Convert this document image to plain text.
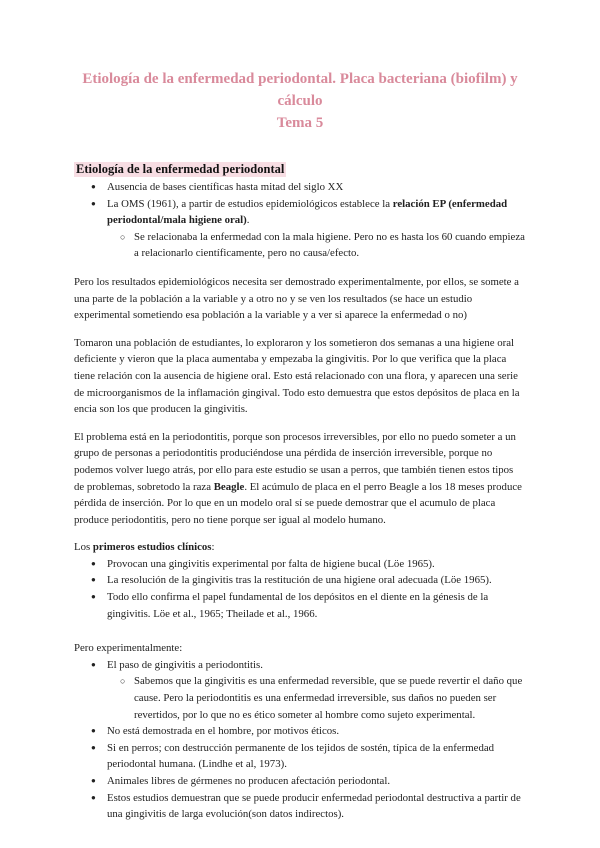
Etiología de la enfermedad periodontal. Placa bacteriana (biofilm) y cálculo
Tema 5
Etiología de la enfermedad periodontal
● Ausencia de bases científicas hasta mitad del siglo XX
● La OMS (1961), a partir de estudios epidemiológicos establece la relación EP (enfermedad periodontal/mala higiene oral).
○ Se relacionaba la enfermedad con la mala higiene. Pero no es hasta los 60 cuando empieza a relacionarlo científicamente, pero no causa/efecto.

Pero los resultados epidemiológicos necesita ser demostrado experimentalmente, por ellos, se somete a una parte de la población a la variable y a otro no y se ven los resultados (se hace un estudio experimental sometiendo esa población a la variable y a ver si aparece la enfermedad o no)

Tomaron una población de estudiantes, lo exploraron y los sometieron dos semanas a una higiene oral deficiente y vieron que la placa aumentaba y empezaba la gingivitis. Por lo que verifica que la placa tiene relación con la ausencia de higiene oral. Esto está relacionado con una flora, y aparecen una serie de microorganismos de la inflamación gingival. Todo esto demuestra que estos depósitos de placa en la encia son los que producen la gingivitis.

El problema está en la periodontitis, porque son procesos irreversibles, por ello no puedo someter a un grupo de personas a periodontitis produciéndose una pérdida de inserción irreversible, porque no podemos volver luego atrás, por ello para este estudio se usan a perros, que también tienen estos tipos de problemas, sobretodo la raza Beagle. El acúmulo de placa en el perro Beagle a los 18 meses produce pérdida de inserción. Por lo que en un modelo oral sí se puede demostrar que el acumulo de placa produce periodontitis, pero no tiene porque ser igual al modelo humano.

Los primeros estudios clínicos:

● Provocan una gingivitis experimental por falta de higiene bucal (Löe 1965).
● La resolución de la gingivitis tras la restitución de una higiene oral adecuada (Löe 1965).
● Todo ello confirma el papel fundamental de los depósitos en el diente en la génesis de la gingivitis. Löe et al., 1965; Theilade et al., 1966.

Pero experimentalmente:

● El paso de gingivitis a periodontitis.
○ Sabemos que la gingivitis es una enfermedad reversible, que se puede revertir el daño que cause. Pero la periodontitis es una enfermedad irreversible, sus daños no pueden ser revertidos, por lo que no es ético someter al hombre como sujeto experimental.
● No está demostrada en el hombre, por motivos éticos.
● Si en perros; con destrucción permanente de los tejidos de sostén, típica de la enfermedad periodontal humana. (Lindhe et al, 1973).
● Animales libres de gérmenes no producen afectación periodontal.
● Estos estudios demuestran que se puede producir enfermedad periodontal destructiva a partir de una gingivitis de larga evolución(son datos indirectos).
